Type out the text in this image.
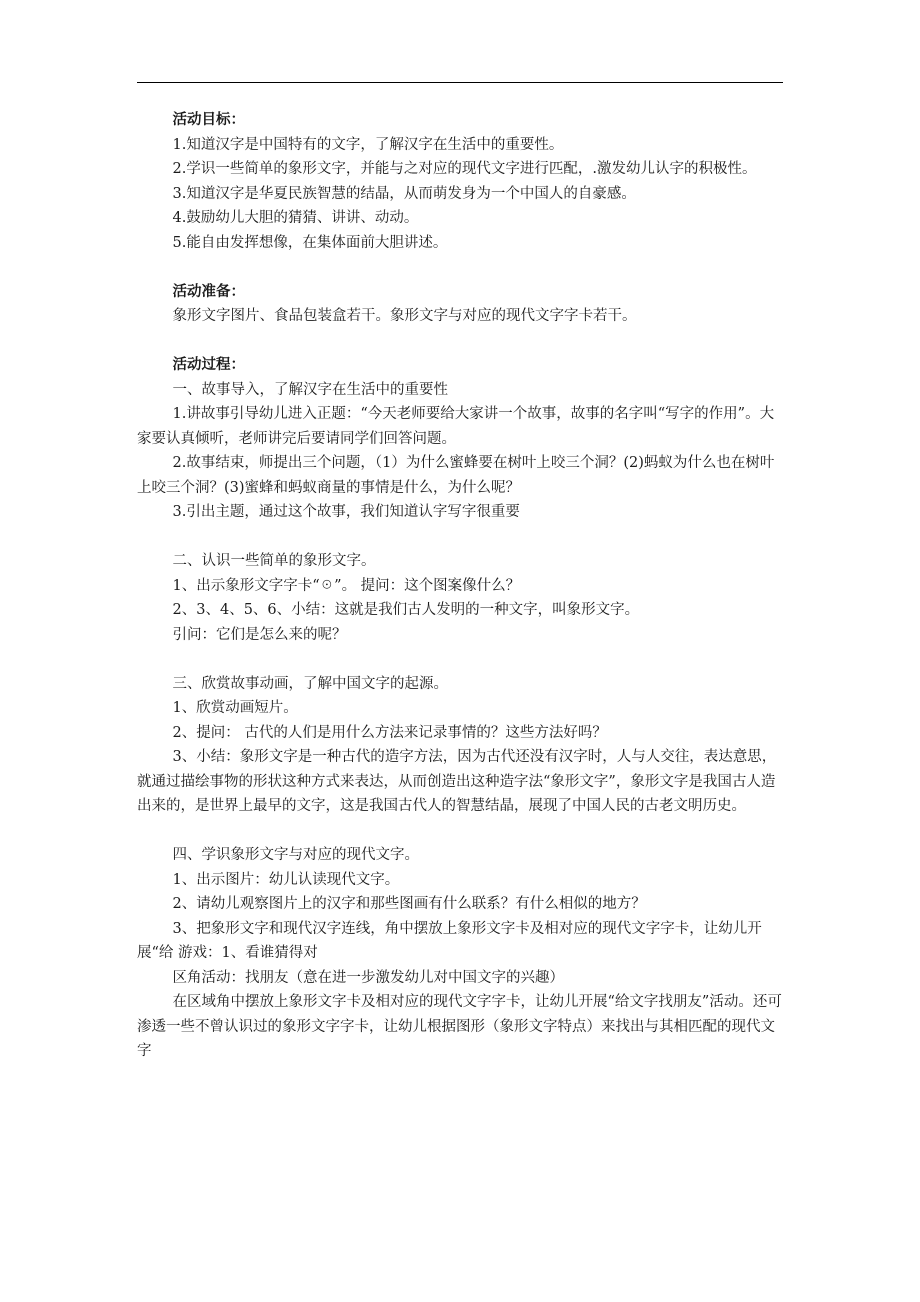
活动目标：

1.知道汉字是中国特有的文字，了解汉字在生活中的重要性。

2.学识一些简单的象形文字，并能与之对应的现代文字进行匹配，.激发幼儿认字的积极性。

3.知道汉字是华夏民族智慧的结晶，从而萌发身为一个中国人的自豪感。

4.鼓励幼儿大胆的猜猜、讲讲、动动。

5.能自由发挥想像，在集体面前大胆讲述。

活动准备：

象形文字图片、食品包装盒若干。象形文字与对应的现代文字字卡若干。

活动过程：

一、故事导入，了解汉字在生活中的重要性

1.讲故事引导幼儿进入正题：“今天老师要给大家讲一个故事，故事的名字叫“写字的作用”。大家要认真倾听，老师讲完后要请同学们回答问题。

2.故事结束，师提出三个问题，（1）为什么蜜蜂要在树叶上咬三个洞？(2)蚂蚁为什么也在树叶上咬三个洞？(3)蜜蜂和蚂蚁商量的事情是什么，为什么呢？

3.引出主题，通过这个故事，我们知道认字写字很重要

二、认识一些简单的象形文字。

1、出示象形文字字卡“☉”。 提问：这个图案像什么？

2、3、4、5、6、小结：这就是我们古人发明的一种文字，叫象形文字。

引问：它们是怎么来的呢？

三、欣赏故事动画，了解中国文字的起源。

1、欣赏动画短片。

2、提问： 古代的人们是用什么方法来记录事情的？这些方法好吗？

3、小结：象形文字是一种古代的造字方法，因为古代还没有汉字时，人与人交往，表达意思，就通过描绘事物的形状这种方式来表达，从而创造出这种造字法“象形文字”，象形文字是我国古人造出来的，是世界上最早的文字，这是我国古代人的智慧结晶，展现了中国人民的古老文明历史。

四、学识象形文字与对应的现代文字。

1、出示图片：幼儿认读现代文字。

2、请幼儿观察图片上的汉字和那些图画有什么联系？有什么相似的地方？

3、把象形文字和现代汉字连线，角中摆放上象形文字卡及相对应的现代文字字卡，让幼儿开展“给 游戏：1、看谁猜得对

区角活动：找朋友（意在进一步激发幼儿对中国文字的兴趣）

在区域角中摆放上象形文字卡及相对应的现代文字字卡，让幼儿开展“给文字找朋友”活动。还可渗透一些不曾认识过的象形文字字卡，让幼儿根据图形（象形文字特点）来找出与其相匹配的现代文字
